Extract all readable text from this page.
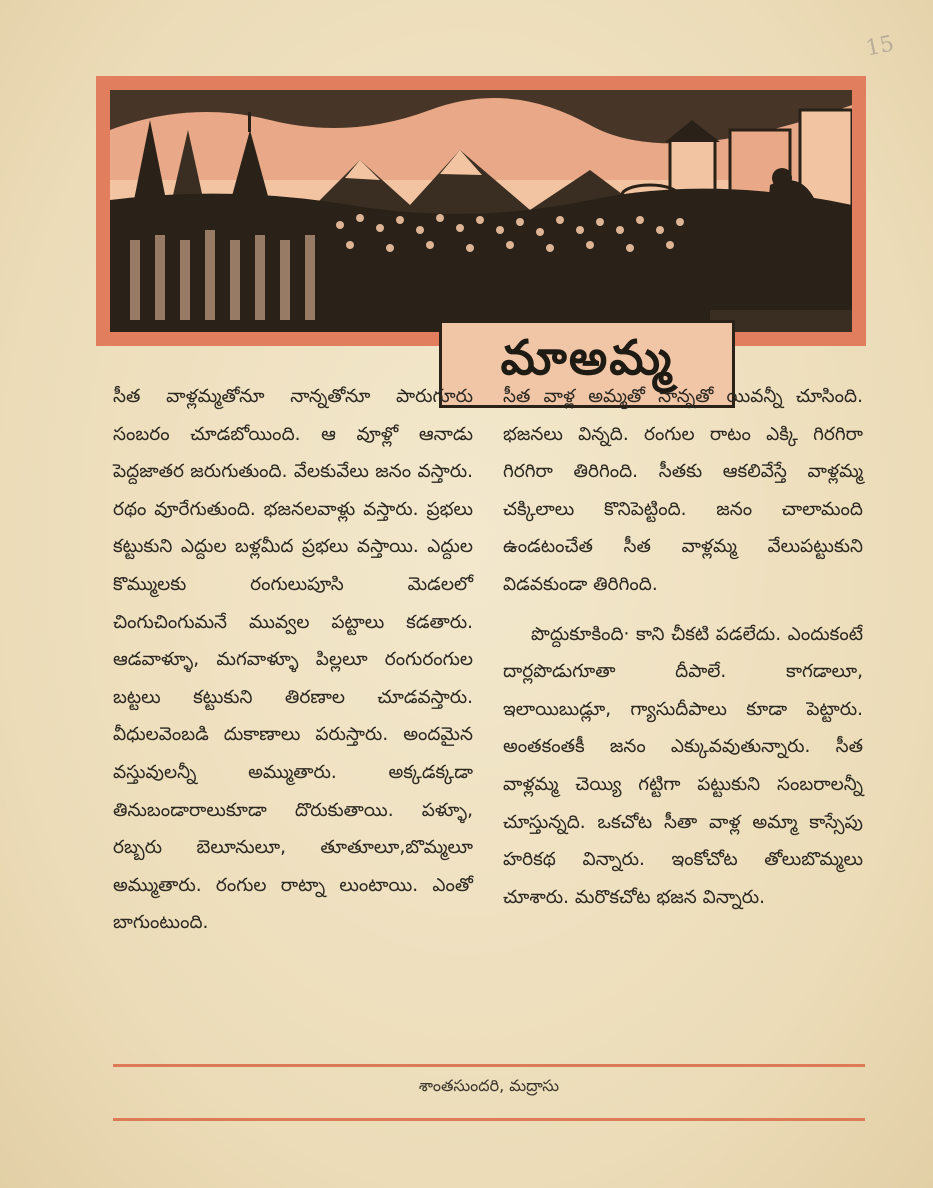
15
మాఅమ్మ

సీత వాళ్లమ్మతోనూ నాన్నతోనూ పారుగూరు సంబరం చూడబోయింది. ఆ వూళ్లో ఆనాడు పెద్దజాతర జరుగుతుంది. వేలకువేలు జనం వస్తారు. రథం వూరేగుతుంది. భజనలవాళ్లు వస్తారు. ప్రభలు కట్టుకుని ఎద్దుల బళ్లమీద ప్రభలు వస్తాయి. ఎద్దుల కొమ్ములకు రంగులుపూసి మెడలలో చింగుచింగుమనే మువ్వల పట్టాలు కడతారు. ఆడవాళ్ళూ, మగవాళ్ళూ పిల్లలూ రంగురంగుల బట్టలు కట్టుకుని తిరణాల చూడవస్తారు. వీధులవెంబడి దుకాణాలు పరుస్తారు. అందమైన వస్తువులన్నీ అమ్ముతారు. అక్కడక్కడా తినుబండారాలుకూడా దొరుకుతాయి. పళ్ళూ, రబ్బరు బెలూనులూ, తూతూలూ,బొమ్మలూ అమ్ముతారు. రంగుల రాట్నా లుంటాయి. ఎంతో బాగుంటుంది.

సీత వాళ్ల అమ్మతో నాన్నతో యివన్నీ చూసింది. భజనలు విన్నది. రంగుల రాటం ఎక్కి గిరగిరా గిరగిరా తిరిగింది. సీతకు ఆకలివేస్తే వాళ్లమ్మ చక్కిలాలు కొనిపెట్టింది. జనం చాలామంది ఉండటంచేత సీత వాళ్లమ్మ వేలుపట్టుకుని విడవకుండా తిరిగింది.

పొద్దుకూకింది· కాని చీకటి పడలేదు. ఎందుకంటే దార్లపొడుగూతా దీపాలే. కాగడాలూ, ఇలాయిబుడ్లూ, గ్యాసుదీపాలు కూడా పెట్టారు. అంతకంతకీ జనం ఎక్కువవుతున్నారు. సీత వాళ్లమ్మ చెయ్యి గట్టిగా పట్టుకుని సంబరాలన్నీ చూస్తున్నది. ఒకచోట సీతా వాళ్ల అమ్మా కాస్సేపు హరికథ విన్నారు. ఇంకోచోట తోలుబొమ్మలు చూశారు. మరొకచోట భజన విన్నారు.

శాంతసుందరి, మద్రాసు
